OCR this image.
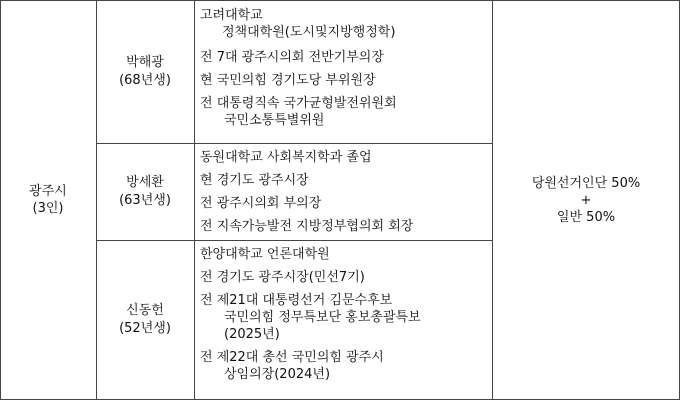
광주시
(3인)
박해광
(68년생)
고려대학교
정책대학원(도시및지방행정학)
전 7대 광주시의회 전반기부의장
현 국민의힘 경기도당 부위원장
전 대통령직속 국가균형발전위원회
국민소통특별위원
방세환
(63년생)
동원대학교 사회복지학과 졸업
현 경기도 광주시장
전 광주시의회 부의장
전 지속가능발전 지방정부협의회 회장
신동헌
(52년생)
한양대학교 언론대학원
전 경기도 광주시장(민선7기)
전 제21대 대통령선거 김문수후보
국민의힘 정무특보단 홍보총괄특보
(2025년)
전 제22대 총선 국민의힘 광주시
상임의장(2024년)
당원선거인단 50%
+
일반 50%
